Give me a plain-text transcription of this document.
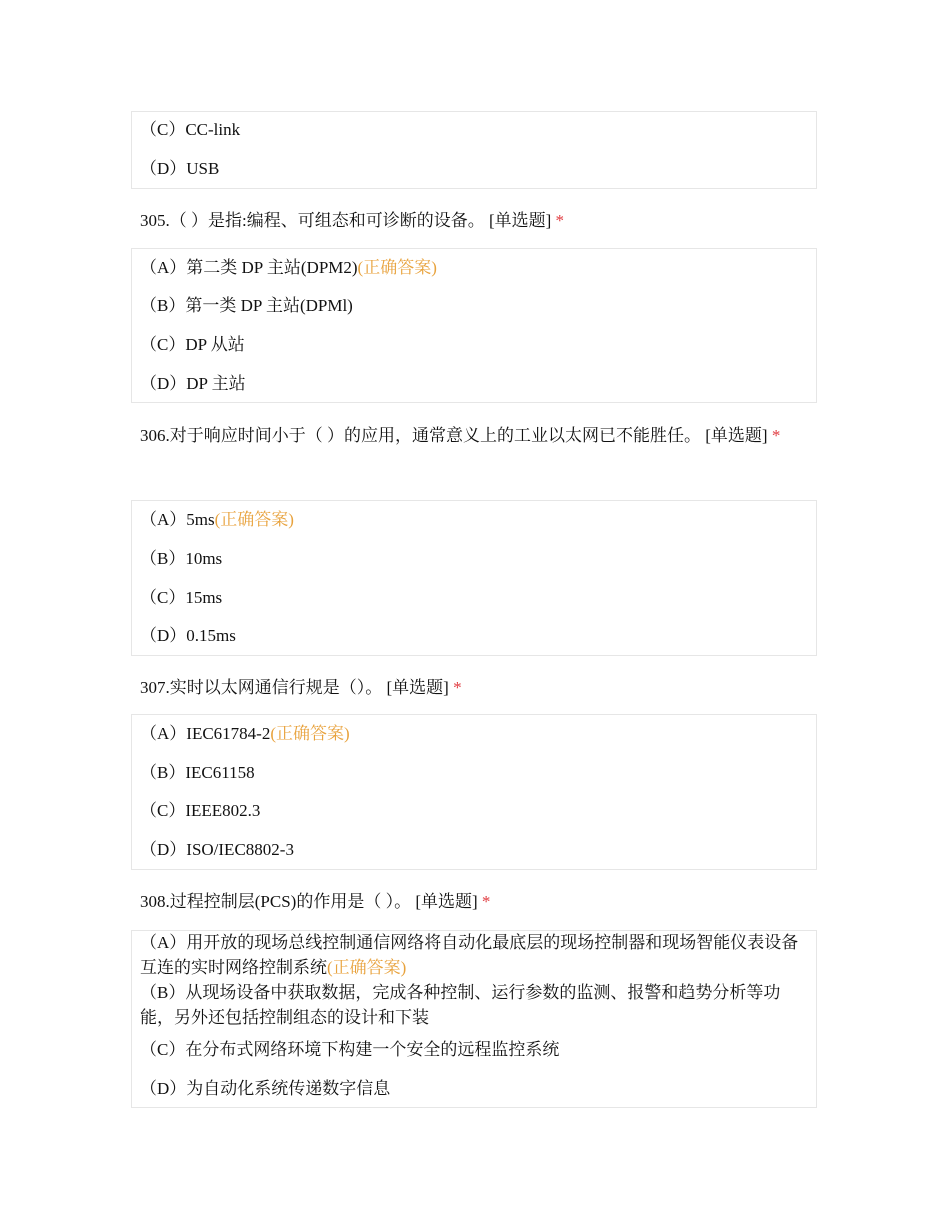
（C）CC-link
（D）USB
305.（ ）是指:编程、可组态和可诊断的设备。 [单选题] *
（A）第二类 DP 主站(DPM2)(正确答案)
（B）第一类 DP 主站(DPMl)
（C）DP 从站
（D）DP 主站
306.对于响应时间小于（ ）的应用，通常意义上的工业以太网已不能胜任。 [单选题] *
（A）5ms(正确答案)
（B）10ms
（C）15ms
（D）0.15ms
307.实时以太网通信行规是（）。 [单选题] *
（A）IEC61784-2(正确答案)
（B）IEC61158
（C）IEEE802.3
（D）ISO/IEC8802-3
308.过程控制层(PCS)的作用是（ ）。 [单选题] *
（A）用开放的现场总线控制通信网络将自动化最底层的现场控制器和现场智能仪表设备互连的实时网络控制系统(正确答案)
（B）从现场设备中获取数据，完成各种控制、运行参数的监测、报警和趋势分析等功能，另外还包括控制组态的设计和下装
（C）在分布式网络环境下构建一个安全的远程监控系统
（D）为自动化系统传递数字信息
